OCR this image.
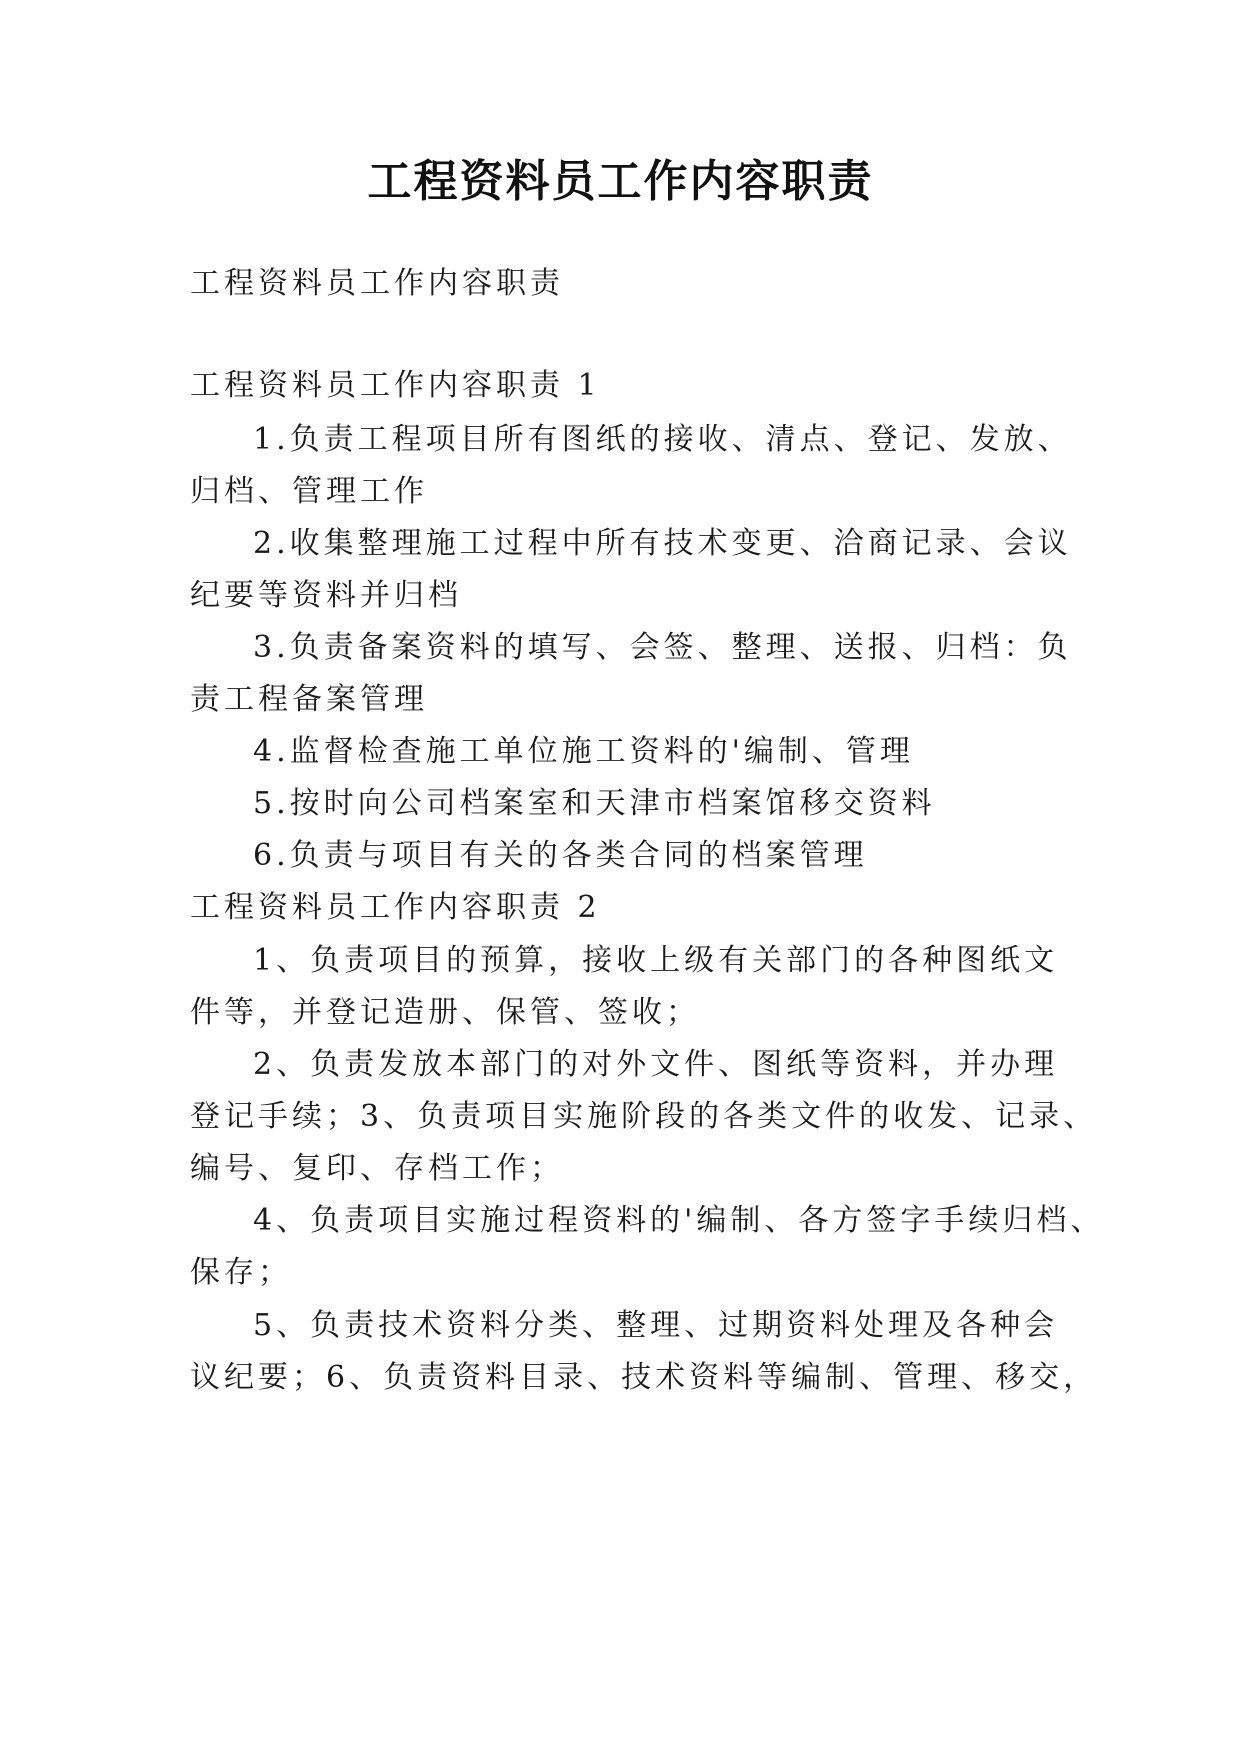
工程资料员工作内容职责
工程资料员工作内容职责
工程资料员工作内容职责 1
1.负责工程项目所有图纸的接收、清点、登记、发放、
归档、管理工作
2.收集整理施工过程中所有技术变更、洽商记录、会议
纪要等资料并归档
3.负责备案资料的填写、会签、整理、送报、归档：负
责工程备案管理
4.监督检查施工单位施工资料的'编制、管理
5.按时向公司档案室和天津市档案馆移交资料
6.负责与项目有关的各类合同的档案管理
工程资料员工作内容职责 2
1、负责项目的预算，接收上级有关部门的各种图纸文
件等，并登记造册、保管、签收；
2、负责发放本部门的对外文件、图纸等资料，并办理
登记手续；3、负责项目实施阶段的各类文件的收发、记录、
编号、复印、存档工作；
4、负责项目实施过程资料的'编制、各方签字手续归档、
保存；
5、负责技术资料分类、整理、过期资料处理及各种会
议纪要；6、负责资料目录、技术资料等编制、管理、移交，
